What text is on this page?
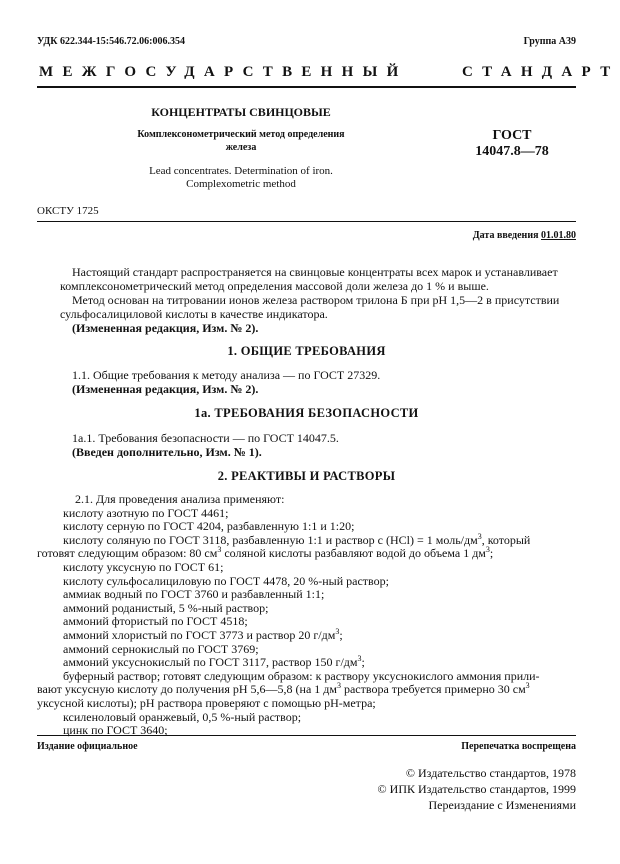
УДК 622.344-15:546.72.06:006.354	Группа А39
МЕЖГОСУДАРСТВЕННЫЙ	СТАНДАРТ
КОНЦЕНТРАТЫ СВИНЦОВЫЕ
Комплексонометрический метод определения
железа
Lead concentrates. Determination of iron.
Complexometric method
ГОСТ
14047.8—78
ОКСТУ 1725
Дата введения 01.01.80
Настоящий стандарт распространяется на свинцовые концентраты всех марок и устанавливает
комплексонометрический метод определения массовой доли железа до 1 % и выше.
Метод основан на титровании ионов железа раствором трилона Б при рН 1,5—2 в присутствии
сульфосалициловой кислоты в качестве индикатора.
(Измененная редакция, Изм. № 2).
1. ОБЩИЕ ТРЕБОВАНИЯ
1.1. Общие требования к методу анализа — по ГОСТ 27329.
(Измененная редакция, Изм. № 2).
1а. ТРЕБОВАНИЯ БЕЗОПАСНОСТИ
1а.1. Требования безопасности — по ГОСТ 14047.5.
(Введен дополнительно, Изм. № 1).
2. РЕАКТИВЫ И РАСТВОРЫ
2.1. Для проведения анализа применяют:
кислоту азотную по ГОСТ 4461;
кислоту серную по ГОСТ 4204, разбавленную 1:1 и 1:20;
кислоту соляную по ГОСТ 3118, разбавленную 1:1 и раствор с (НСl) = 1 моль/$дм^3$, который
готовят следующим образом: 80 $см^3$ соляной кислоты разбавляют водой до объема 1 $дм^3$;
кислоту уксусную по ГОСТ 61;
кислоту сульфосалициловую по ГОСТ 4478, 20 %-ный раствор;
аммиак водный по ГОСТ 3760 и разбавленный 1:1;
аммоний роданистый, 5 %-ный раствор;
аммоний фтористый по ГОСТ 4518;
аммоний хлористый по ГОСТ 3773 и раствор 20 $г/дм^3$;
аммоний сернокислый по ГОСТ 3769;
аммоний уксуснокислый по ГОСТ 3117, раствор 150 $г/дм^3$;
буферный раствор; готовят следующим образом: к раствору уксуснокислого аммония прили-
вают уксусную кислоту до получения рН 5,6—5,8 (на 1 $дм^3$ раствора требуется примерно 30 $см^3$
уксусной кислоты); рН раствора проверяют с помощью рН-метра;
ксиленоловый оранжевый, 0,5 %-ный раствор;
цинк по ГОСТ 3640;
Издание официальное	Перепечатка воспрещена
© Издательство стандартов, 1978
© ИПК Издательство стандартов, 1999
Переиздание с Изменениями
